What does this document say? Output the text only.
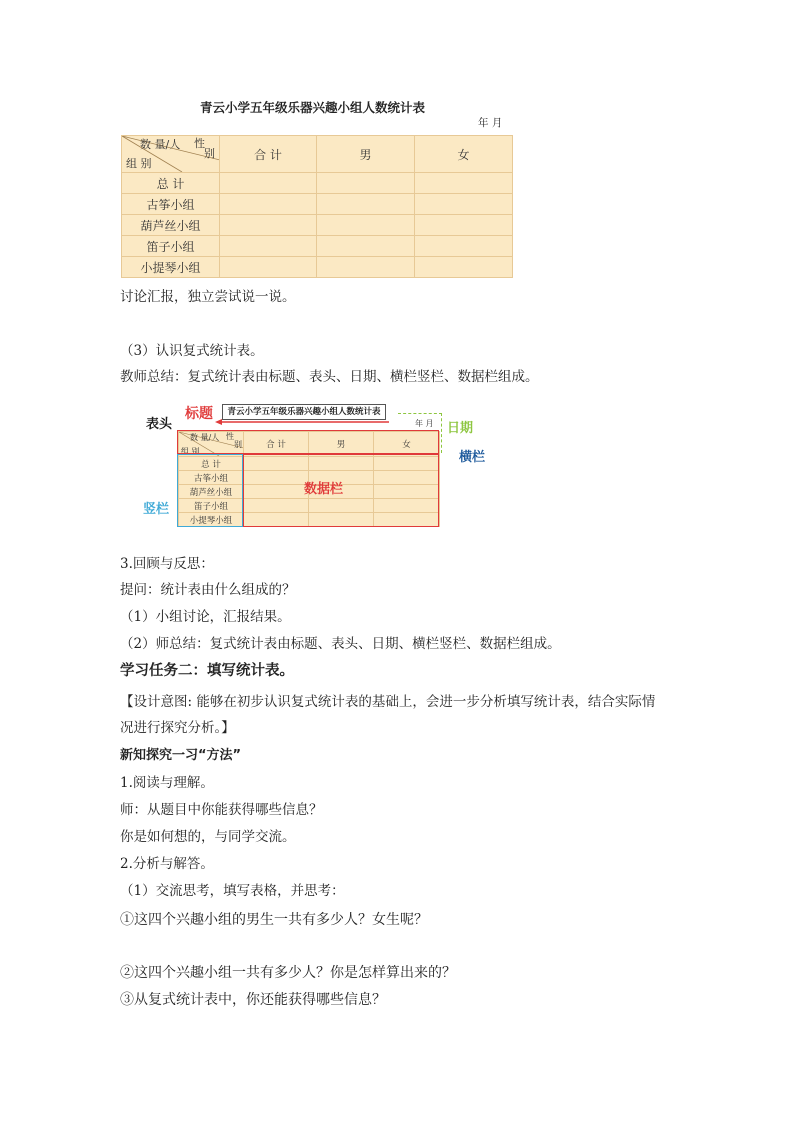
青云小学五年级乐器兴趣小组人数统计表
年 月
性
别
数 量/人
组 别	合 计	男	女
总 计			
古筝小组			
葫芦丝小组			
笛子小组			
小提琴小组			
讨论汇报，独立尝试说一说。
（3）认识复式统计表。
教师总结：复式统计表由标题、表头、日期、横栏竖栏、数据栏组成。
表头
标题	青云小学五年级乐器兴趣小组人数统计表
年 月 日期
横栏
竖栏
性
别
数 量/人
组 别	合 计	男	女
总 计			
古筝小组			
葫芦丝小组			
笛子小组			
小提琴小组			
数据栏
3.回顾与反思：
提问：统计表由什么组成的？
（1）小组讨论，汇报结果。
（2）师总结：复式统计表由标题、表头、日期、横栏竖栏、数据栏组成。
学习任务二：填写统计表。
【设计意图: 能够在初步认识复式统计表的基础上，会进一步分析填写统计表，结合实际情
况进行探究分析。】
新知探究一习“方法”
1.阅读与理解。
师：从题目中你能获得哪些信息？
你是如何想的，与同学交流。
2.分析与解答。
（1）交流思考，填写表格，并思考：
①这四个兴趣小组的男生一共有多少人？女生呢？
②这四个兴趣小组一共有多少人？你是怎样算出来的？
③从复式统计表中，你还能获得哪些信息？
